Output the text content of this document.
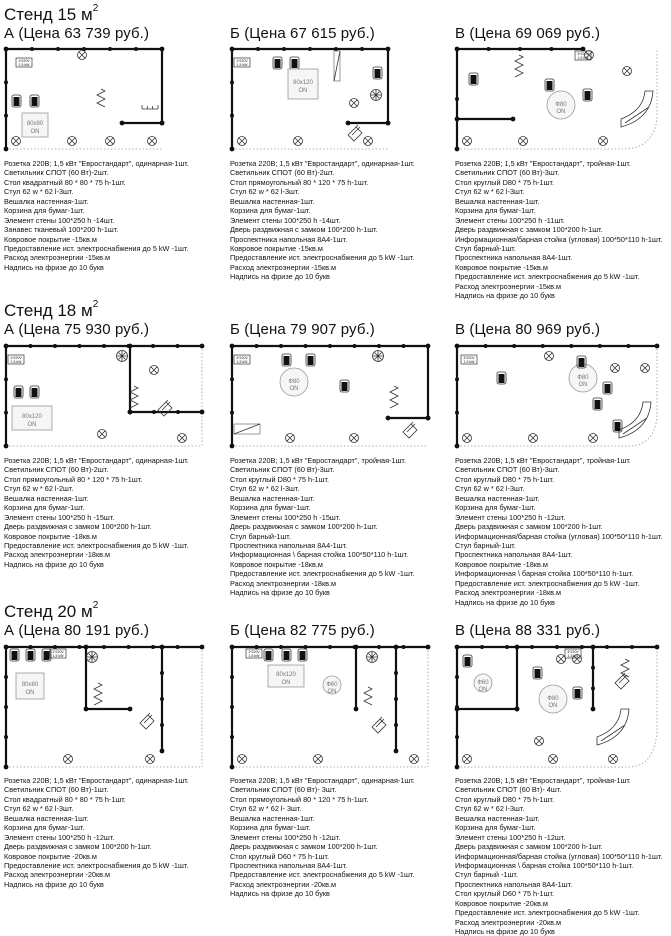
Стенд 15 $м^2$
Стенд 18 $м^2$
Стенд 20 $м^2$
А (Цена 63 739 руб.)	Б (Цена 67 615 руб.)	В (Цена 69 069 руб.)
А (Цена 75 930 руб.)	Б (Цена 79 907 руб.)	В (Цена 80 969 руб.)
А (Цена 80 191 руб.)	Б (Цена 82 775 руб.)	В (Цена 88 331 руб.)
1*220V
1,5 kW
80х80
ON
1*220V
1,5 kW
80х120
ON
3*220V
1,5 kW
Ф80
ON
1*220V
1,5 kW
80х120
ON
3*220V
1,5 kW
Ф80
ON
3*220V
1,5 kW
Ф80
ON
1*220V
1,5 kW
80х80
ON
1*220V
1,5 kW
80х120
ON	Ф60
ON
3*220V
1,5 kW
Ф60
ON
Ф80
ON
Розетка 220В; 1,5 кВт "Евростандарт", одинарная-1шт.
Светильник СПОТ (60 Вт)-2шт.
Стол квадратный 80 * 80 * 75 h-1шт.
Стул 62 w * 62 l-3шт.
Вешалка настенная-1шт.
Корзина для бумаг-1шт.
Элемент стены 100*250 h -14шт.
Занавес тканевый 100*200 h-1шт.
Ковровое покрытие -15кв.м
Предоставление ист. электроснабжения до 5 kW -1шт.
Расход электроэнергии -15кв.м
Надпись на фризе до 10 букв
Розетка 220В; 1,5 кВт "Евростандарт", одинарная-1шт.
Светильник СПОТ (60 Вт)-2шт.
Стол прямоугольный 80 * 120 * 75 h-1шт.
Стул 62 w * 62 l-3шт.
Вешалка настенная-1шт.
Корзина для бумаг-1шт.
Элемент стены 100*250 h -14шт.
Дверь раздвижная с замком 100*200 h-1шт.
Проспектника напольная 8А4-1шт.
Ковровое покрытие -15кв.м
Предоставление ист. электроснабжения до 5 kW -1шт.
Расход электроэнергии -15кв.м
Надпись на фризе до 10 букв
Розетка 220В; 1,5 кВт "Евростандарт", тройная-1шт.
Светильник СПОТ (60 Вт)-3шт.
Стол круглый D80 * 75 h-1шт.
Стул 62 w * 62 l-3шт.
Вешалка настенная-1шт.
Корзина для бумаг-1шт.
Элемент стены 100*250 h -11шт.
Дверь раздвижная с замком 100*200 h-1шт.
Информационная/барная стойка (угловая) 100*50*110 h-1шт.
Стул барный-1шт.
Проспектника напольная 8А4-1шт.
Ковровое покрытие -15кв.м
Предоставление ист. электроснабжения до 5 kW -1шт.
Расход электроэнергии -15кв.м
Надпись на фризе до 10 букв
Розетка 220В; 1,5 кВт "Евростандарт", одинарная-1шт.
Светильник СПОТ (60 Вт)-2шт.
Стол прямоугольный 80 * 120 * 75 h-1шт.
Стул 62 w * 62 l-2шт.
Вешалка настенная-1шт.
Корзина для бумаг-1шт.
Элемент стены 100*250 h -15шт.
Дверь раздвижная с замком 100*200 h-1шт.
Ковровое покрытие -18кв.м
Предоставление ист. электроснабжения до 5 kW -1шт.
Расход электроэнергии -18кв.м
Надпись на фризе до 10 букв
Розетка 220В; 1,5 кВт "Евростандарт", тройная-1шт.
Светильник СПОТ (60 Вт)-3шт.
Стол круглый D80 * 75 h-1шт.
Стул 62 w * 62 l-3шт.
Вешалка настенная-1шт.
Корзина для бумаг-1шт.
Элемент стены 100*250 h -15шт.
Дверь раздвижная с замком 100*200 h-1шт.
Стул барный-1шт.
Проспектника напольная 8А4-1шт.
Информационная \ барная стойка 100*50*110 h-1шт.
Ковровое покрытие -18кв.м
Предоставление ист. электроснабжения до 5 kW -1шт.
Расход электроэнергии -18кв.м
Надпись на фризе до 10 букв
Розетка 220В; 1,5 кВт "Евростандарт", тройная-1шт.
Светильник СПОТ (60 Вт)-3шт.
Стол круглый D80 * 75 h-1шт.
Стул 62 w * 62 l-3шт.
Вешалка настенная-1шт.
Корзина для бумаг-1шт.
Элемент стены 100*250 h -12шт.
Дверь раздвижная с замком 100*200 h-1шт.
Информационная/барная стойка (угловая) 100*50*110 h-1шт.
Стул барный-1шт.
Проспектника напольная 8А4-1шт.
Ковровое покрытие -18кв.м
Информационная \ барная стойка 100*50*110 h-1шт.
Предоставление ист. электроснабжения до 5 kW -1шт.
Расход электроэнергии -18кв.м
Надпись на фризе до 10 букв
Розетка 220В; 1,5 кВт "Евростандарт", одинарная-1шт.
Светильник СПОТ (60 Вт)-1шт.
Стол квадратный 80 * 80 * 75 h-1шт.
Стул 62 w * 62 l-3шт.
Вешалка настенная-1шт.
Корзина для бумаг-1шт.
Элемент стены 100*250 h -12шт.
Дверь раздвижная с замком 100*200 h-1шт.
Ковровое покрытие -20кв.м
Предоставление ист. электроснабжения до 5 kW -1шт.
Расход электроэнергии -20кв.м
Надпись на фризе до 10 букв
Розетка 220В; 1,5 кВт "Евростандарт", одинарная-1шт.
Светильник СПОТ (60 Вт)- 3шт.
Стол прямоугольный 80 * 120 * 75 h-1шт.
Стул 62 w * 62 l- 3шт.
Вешалка настенная-1шт.
Корзина для бумаг-1шт.
Элемент стены 100*250 h -12шт.
Дверь раздвижная с замком 100*200 h-1шт.
Стол круглый D60 * 75 h-1шт.
Проспектника напольная 8А4-1шт.
Предоставление ист. электроснабжения до 5 kW -1шт.
Расход электроэнергии -20кв.м
Надпись на фризе до 10 букв
Розетка 220В; 1,5 кВт "Евростандарт", тройная-1шт.
Светильник СПОТ (60 Вт)- 4шт.
Стол круглый D80 * 75 h-1шт.
Стул 62 w * 62 l-3шт.
Вешалка настенная-1шт.
Корзина для бумаг-1шт.
Элемент стены 100*250 h -12шт.
Дверь раздвижная с замком 100*200 h-1шт.
Информационная/барная стойка (угловая) 100*50*110 h-1шт.
Информационная \ барная стойка 100*50*110 h-1шт.
Стул барный -1шт.
Проспектника напольная 8А4-1шт.
Стол круглый D60 * 75 h-1шт.
Ковровое покрытие -20кв.м
Предоставление ист. электроснабжения до 5 kW -1шт.
Расход электроэнергии -20кв.м
Надпись на фризе до 10 букв
